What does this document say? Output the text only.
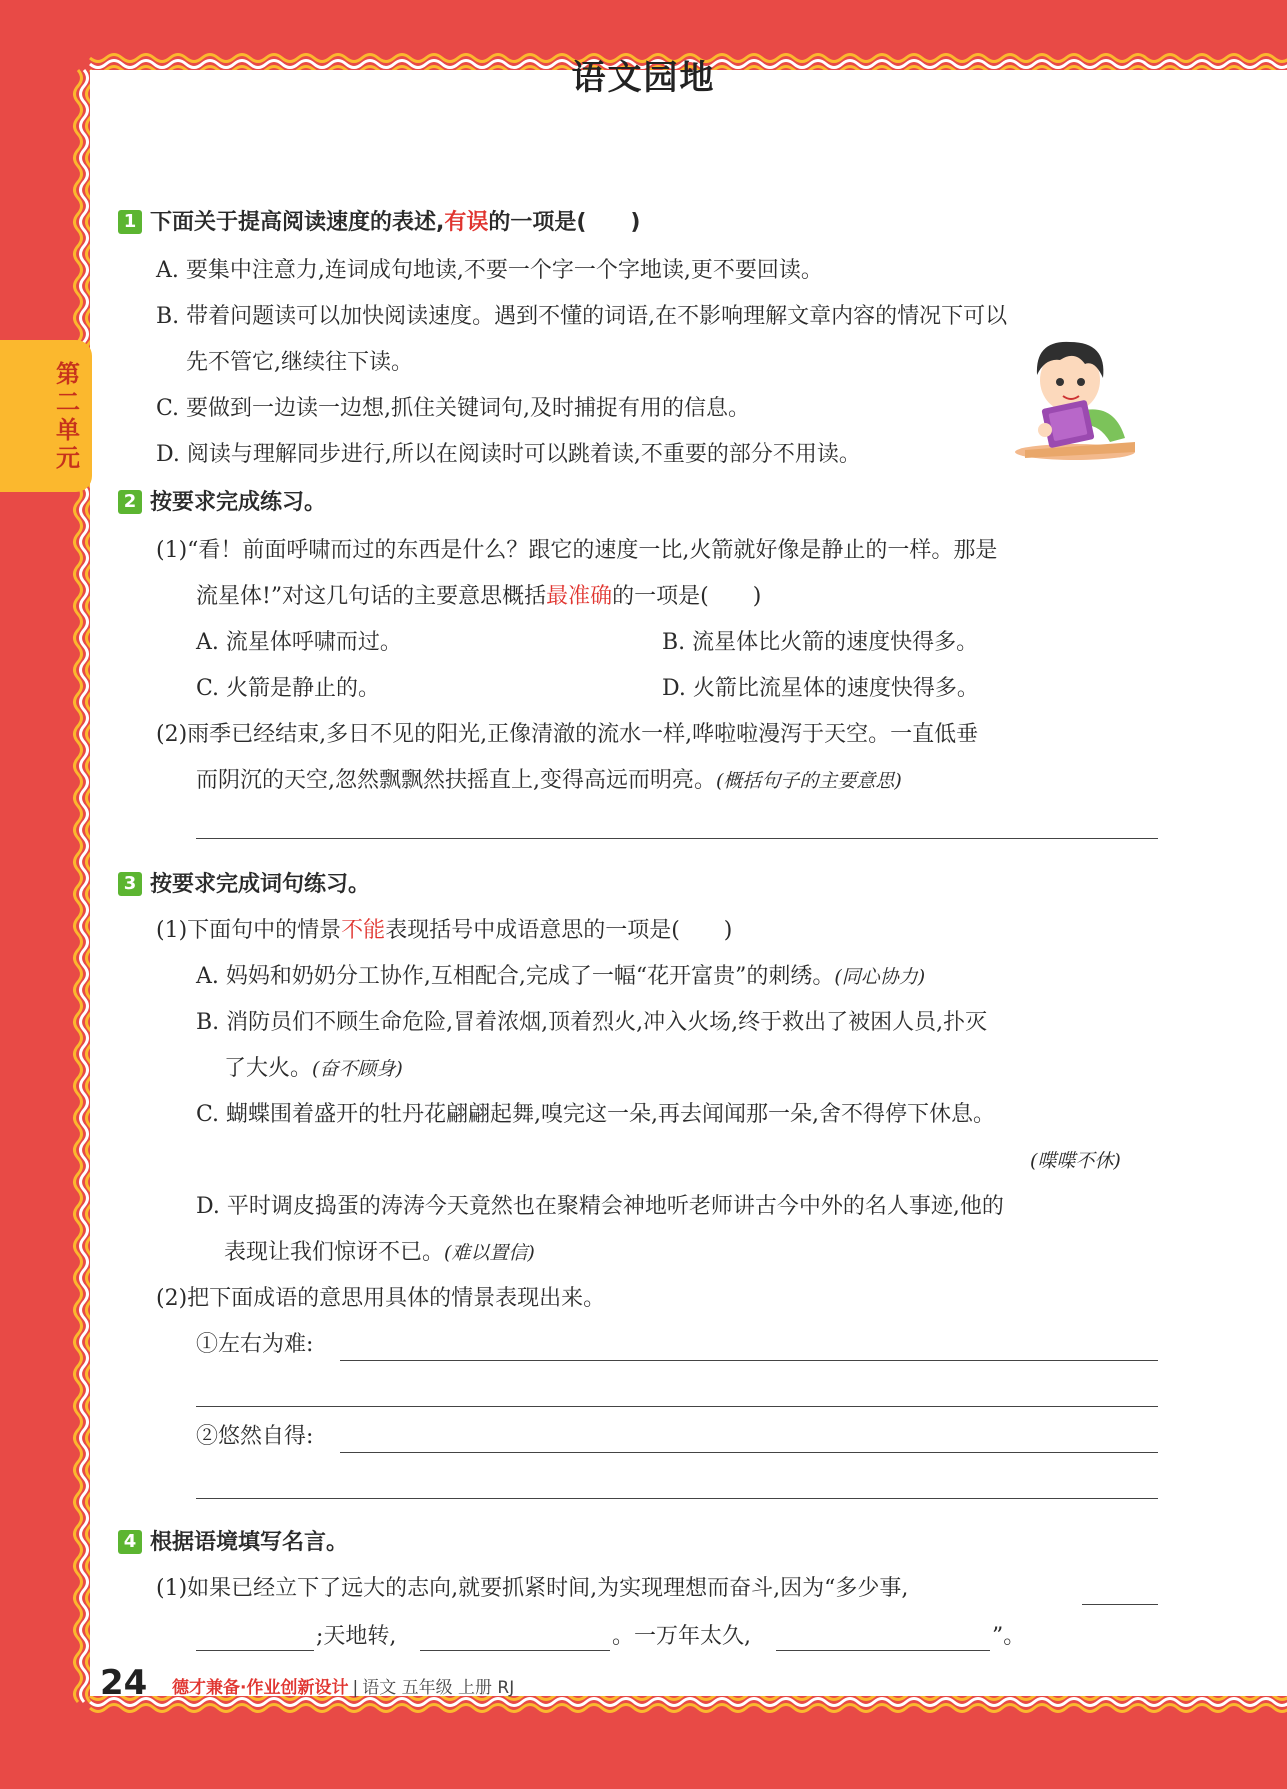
第二单元
语文园地
1 下面关于提高阅读速度的表述,有误的一项是(　　)
A. 要集中注意力,连词成句地读,不要一个字一个字地读,更不要回读。
B. 带着问题读可以加快阅读速度。遇到不懂的词语,在不影响理解文章内容的情况下可以
先不管它,继续往下读。
C. 要做到一边读一边想,抓住关键词句,及时捕捉有用的信息。
D. 阅读与理解同步进行,所以在阅读时可以跳着读,不重要的部分不用读。
2 按要求完成练习。
(1)“看！前面呼啸而过的东西是什么？跟它的速度一比,火箭就好像是静止的一样。那是
流星体!”对这几句话的主要意思概括最准确的一项是(　　)
A. 流星体呼啸而过。	B. 流星体比火箭的速度快得多。
C. 火箭是静止的。	D. 火箭比流星体的速度快得多。
(2)雨季已经结束,多日不见的阳光,正像清澈的流水一样,哗啦啦漫泻于天空。一直低垂
而阴沉的天空,忽然飘飘然扶摇直上,变得高远而明亮。(概括句子的主要意思)
3 按要求完成词句练习。
(1)下面句中的情景不能表现括号中成语意思的一项是(　　)
A. 妈妈和奶奶分工协作,互相配合,完成了一幅“花开富贵”的刺绣。(同心协力)
B. 消防员们不顾生命危险,冒着浓烟,顶着烈火,冲入火场,终于救出了被困人员,扑灭
了大火。(奋不顾身)
C. 蝴蝶围着盛开的牡丹花翩翩起舞,嗅完这一朵,再去闻闻那一朵,舍不得停下休息。
(喋喋不休)
D. 平时调皮捣蛋的涛涛今天竟然也在聚精会神地听老师讲古今中外的名人事迹,他的
表现让我们惊讶不已。(难以置信)
(2)把下面成语的意思用具体的情景表现出来。
①左右为难:
②悠然自得:
4 根据语境填写名言。
(1)如果已经立下了远大的志向,就要抓紧时间,为实现理想而奋斗,因为“多少事,
;天地转,	。一万年太久,	”。
24 德才兼备·作业创新设计 | 语文 五年级 上册 RJ
